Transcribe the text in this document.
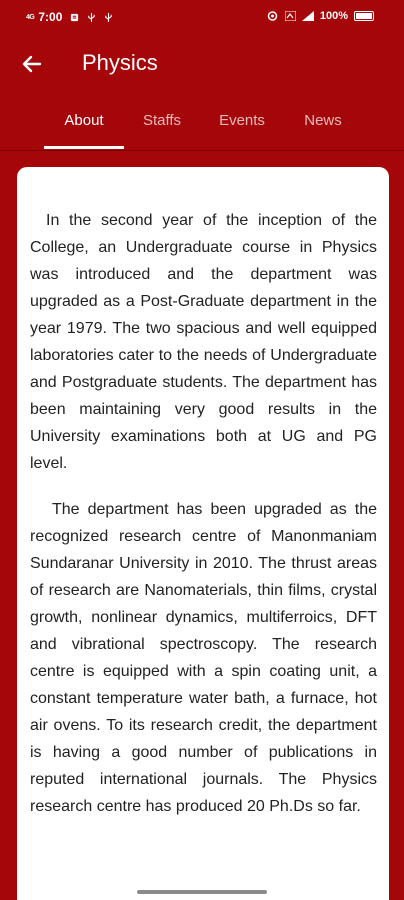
4G 7:00	100%
Physics
About	Staffs	Events	News

In the second year of the inception of the College, an Undergraduate course in Physics was introduced and the department was upgraded as a Post-Graduate department in the year 1979. The two spacious and well equipped laboratories cater to the needs of Undergraduate and Postgraduate students. The department has been maintaining very good results in the University examinations both at UG and PG level.

The department has been upgraded as the recognized research centre of Manonmaniam Sundaranar University in 2010. The thrust areas of research are Nanomaterials, thin films, crystal growth, nonlinear dynamics, multiferroics, DFT and vibrational spectroscopy. The research centre is equipped with a spin coating unit, a constant temperature water bath, a furnace, hot air ovens. To its research credit, the department is having a good number of publications in reputed international journals. The Physics research centre has produced 20 Ph.Ds so far.
